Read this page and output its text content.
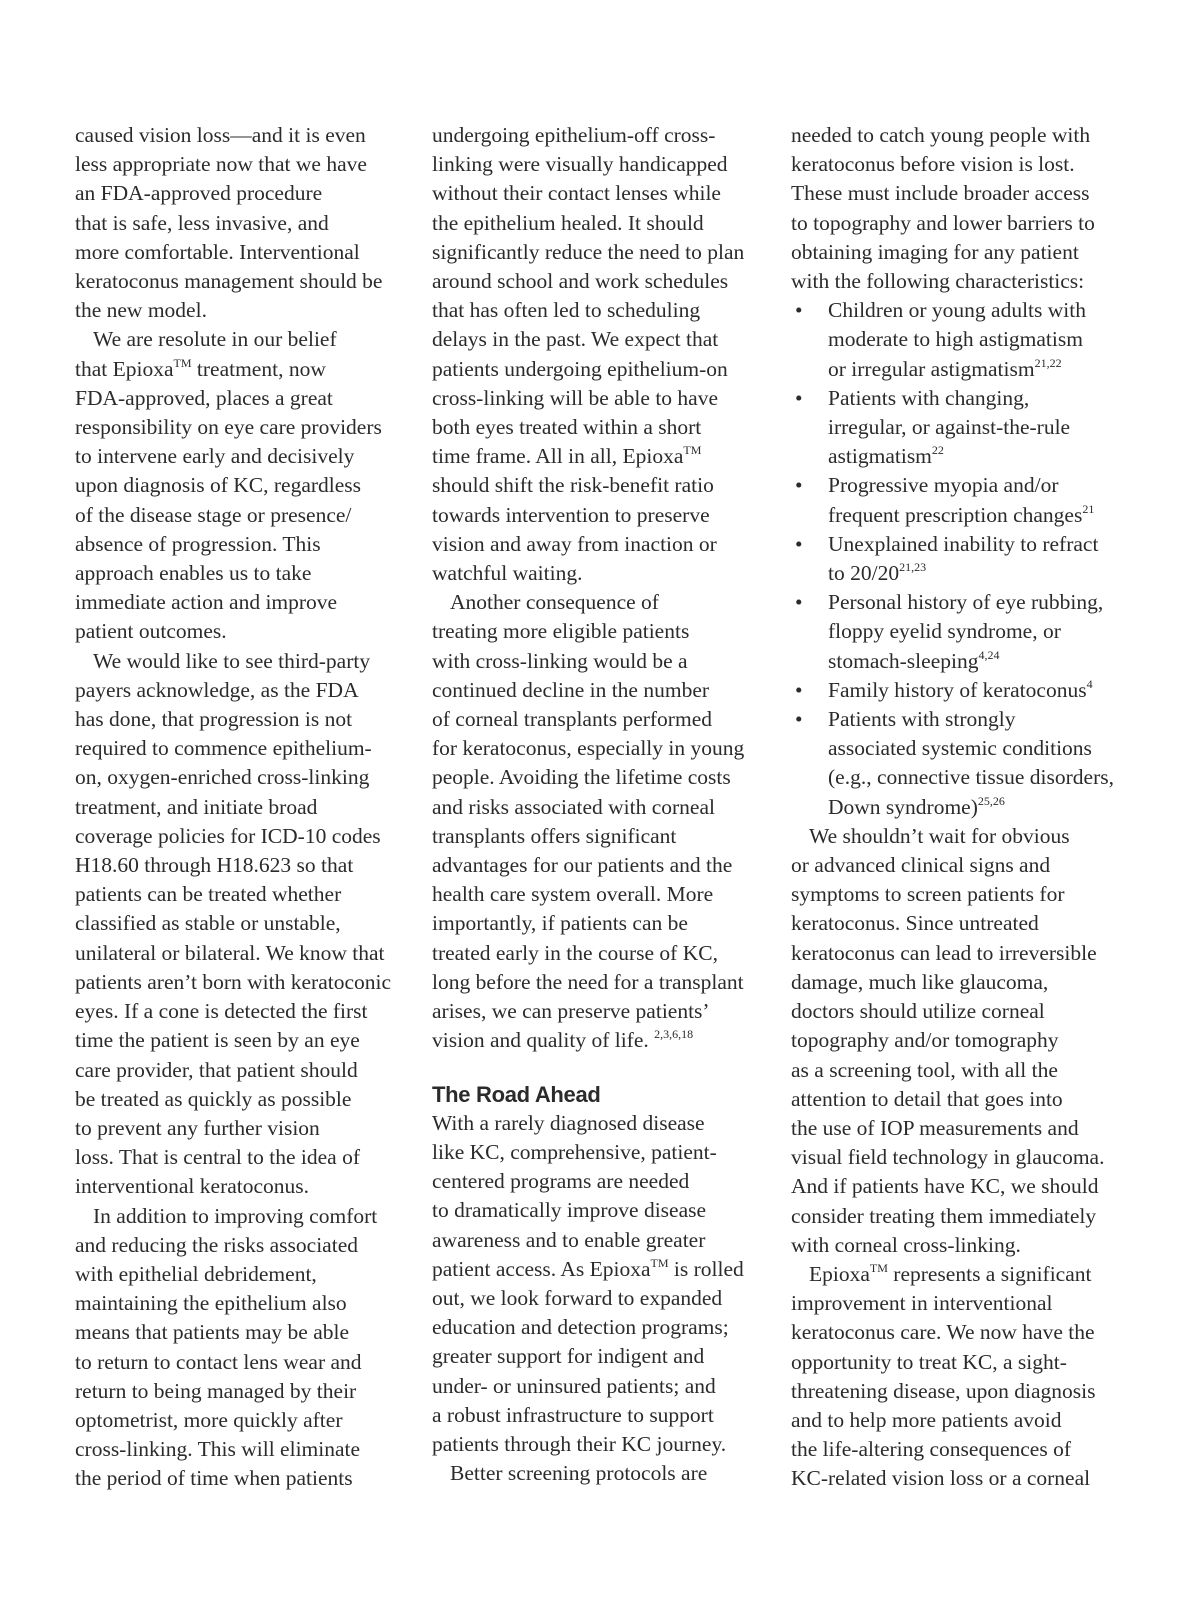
caused vision loss—and it is even
less appropriate now that we have
an FDA-approved procedure
that is safe, less invasive, and
more comfortable. Interventional
keratoconus management should be
the new model.

We are resolute in our belief
that Epioxa™ treatment, now
FDA-approved, places a great
responsibility on eye care providers
to intervene early and decisively
upon diagnosis of KC, regardless
of the disease stage or presence/
absence of progression. This
approach enables us to take
immediate action and improve
patient outcomes.

We would like to see third-party
payers acknowledge, as the FDA
has done, that progression is not
required to commence epithelium-
on, oxygen-enriched cross-linking
treatment, and initiate broad
coverage policies for ICD-10 codes
H18.60 through H18.623 so that
patients can be treated whether
classified as stable or unstable,
unilateral or bilateral. We know that
patients aren’t born with keratoconic
eyes. If a cone is detected the first
time the patient is seen by an eye
care provider, that patient should
be treated as quickly as possible
to prevent any further vision
loss. That is central to the idea of
interventional keratoconus.

In addition to improving comfort
and reducing the risks associated
with epithelial debridement,
maintaining the epithelium also
means that patients may be able
to return to contact lens wear and
return to being managed by their
optometrist, more quickly after
cross-linking. This will eliminate
the period of time when patients

undergoing epithelium-off cross-
linking were visually handicapped
without their contact lenses while
the epithelium healed. It should
significantly reduce the need to plan
around school and work schedules
that has often led to scheduling
delays in the past. We expect that
patients undergoing epithelium-on
cross-linking will be able to have
both eyes treated within a short
time frame. All in all, Epioxa™
should shift the risk-benefit ratio
towards intervention to preserve
vision and away from inaction or
watchful waiting.

Another consequence of
treating more eligible patients
with cross-linking would be a
continued decline in the number
of corneal transplants performed
for keratoconus, especially in young
people. Avoiding the lifetime costs
and risks associated with corneal
transplants offers significant
advantages for our patients and the
health care system overall. More
importantly, if patients can be
treated early in the course of KC,
long before the need for a transplant
arises, we can preserve patients’
vision and quality of life. $^{2,3,6,18}$

The Road Ahead

With a rarely diagnosed disease
like KC, comprehensive, patient-
centered programs are needed
to dramatically improve disease
awareness and to enable greater
patient access. As Epioxa™ is rolled
out, we look forward to expanded
education and detection programs;
greater support for indigent and
under- or uninsured patients; and
a robust infrastructure to support
patients through their KC journey.

Better screening protocols are

needed to catch young people with
keratoconus before vision is lost.
These must include broader access
to topography and lower barriers to
obtaining imaging for any patient
with the following characteristics:

• Children or young adults with
moderate to high astigmatism
or irregular astigmatism$^{21,22}$
• Patients with changing,
irregular, or against-the-rule
astigmatism$^{22}$
• Progressive myopia and/or
frequent prescription changes$^{21}$
• Unexplained inability to refract
to 20/20$^{21,23}$
• Personal history of eye rubbing,
floppy eyelid syndrome, or
stomach-sleeping$^{4,24}$
• Family history of keratoconus$^4$
• Patients with strongly
associated systemic conditions
(e.g., connective tissue disorders,
Down syndrome)$^{25,26}$

We shouldn’t wait for obvious
or advanced clinical signs and
symptoms to screen patients for
keratoconus. Since untreated
keratoconus can lead to irreversible
damage, much like glaucoma,
doctors should utilize corneal
topography and/or tomography
as a screening tool, with all the
attention to detail that goes into
the use of IOP measurements and
visual field technology in glaucoma.
And if patients have KC, we should
consider treating them immediately
with corneal cross-linking.

Epioxa™ represents a significant
improvement in interventional
keratoconus care. We now have the
opportunity to treat KC, a sight-
threatening disease, upon diagnosis
and to help more patients avoid
the life-altering consequences of
KC-related vision loss or a corneal
